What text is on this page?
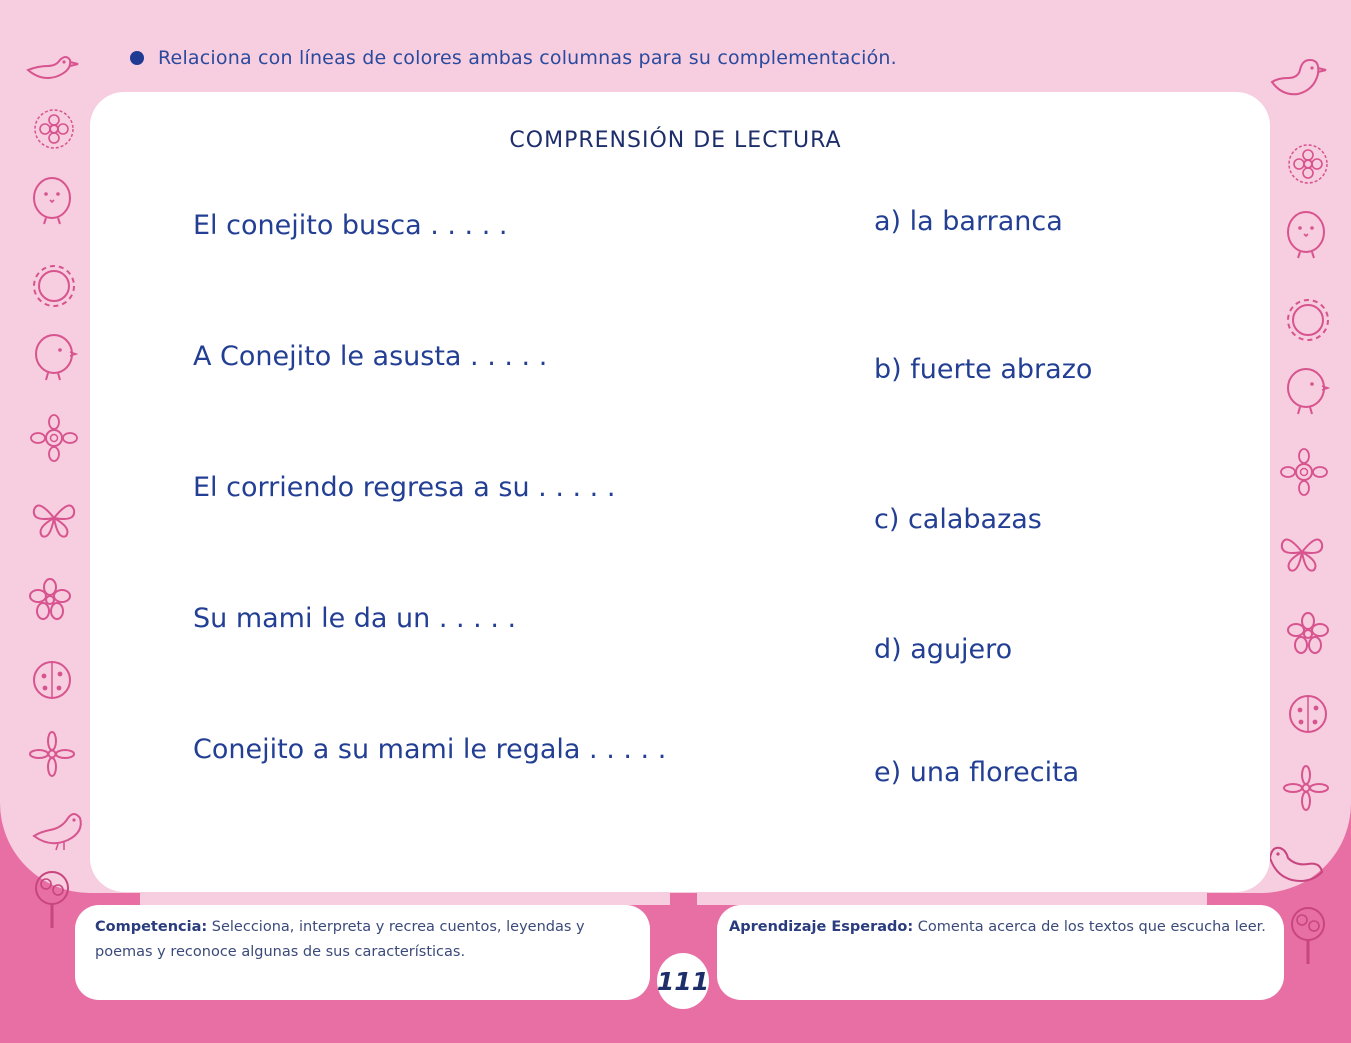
Relaciona con líneas de colores ambas columnas para su complementación.
COMPRENSIÓN DE LECTURA
El conejito busca . . . . .
A Conejito le asusta . . . . .
El corriendo regresa a su . . . . .
Su mami le da un . . . . .
Conejito a su mami le regala . . . . .
a) la barranca
b) fuerte abrazo
c) calabazas
d) agujero
e) una florecita
Competencia: Selecciona, interpreta y recrea cuentos, leyendas y poemas y reconoce algunas de sus características.
Aprendizaje Esperado: Comenta acerca de los textos que escucha leer.
111
